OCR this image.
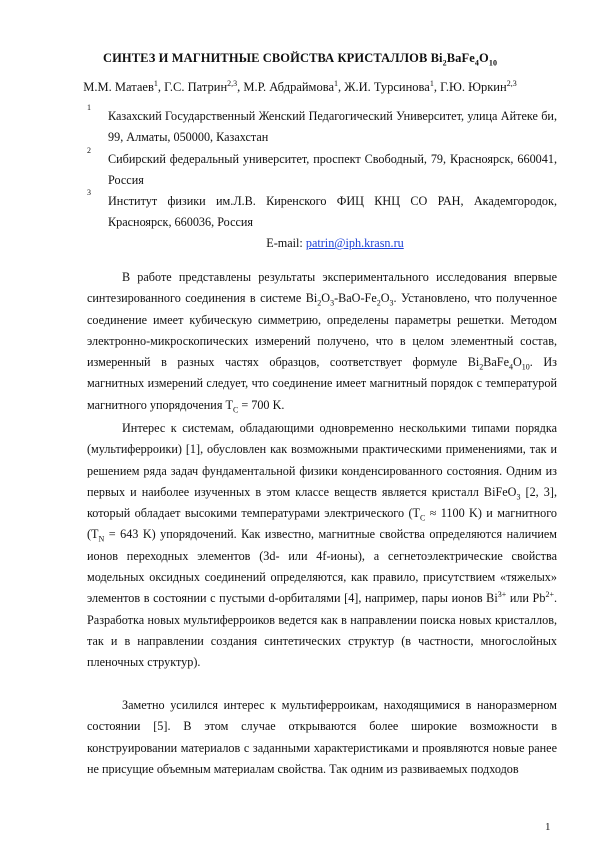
СИНТЕЗ И МАГНИТНЫЕ СВОЙСТВА КРИСТАЛЛОВ $Bi_2BaFe_4O_{10}$
М.М. Матаев$^1$, Г.С. Патрин$^{2,3}$, М.Р. Абдраймова$^1$, Ж.И. Турсинова$^1$, Г.Ю. Юркин$^{2,3}$
1
Казахский Государственный Женский Педагогический Университет, улица Айтеке би, 99, Алматы, 050000, Казахстан
2
Сибирский федеральный университет, проспект Свободный, 79, Красноярск, 660041, Россия
3
Институт физики им.Л.В. Киренского ФИЦ КНЦ СО РАН, Академгородок, Красноярск, 660036, Россия
E-mail: patrin@iph.krasn.ru

В работе представлены результаты экспериментального исследования впервые синтезированного соединения в системе $Bi_2O_3-BaO-Fe_2O_3$. Установлено, что полученное соединение имеет кубическую симметрию, определены параметры решетки. Методом электронно-микроскопических измерений получено, что в целом элементный состав, измеренный в разных частях образцов, соответствует формуле $Bi_2BaFe_4O_{10}$. Из магнитных измерений следует, что соединение имеет магнитный порядок с температурой магнитного упорядочения $T_C = 700$ K.

Интерес к системам, обладающими одновременно несколькими типами порядка (мультиферроики) [1], обусловлен как возможными практическими применениями, так и решением ряда задач фундаментальной физики конденсированного состояния. Одним из первых и наиболее изученных в этом классе веществ является кристалл BiFeO$_3$ [2, 3], который обладает высокими температурами электрического ($T_C \approx 1100$ K) и магнитного ($T_N = 643$ K) упорядочений. Как известно, магнитные свойства определяются наличием ионов переходных элементов (3d- или 4f-ионы), а сегнетоэлектрические свойства модельных оксидных соединений определяются, как правило, присутствием «тяжелых» элементов в состоянии с пустыми d-орбиталями [4], например, пары ионов $Bi^{3+}$ или $Pb^{2+}$. Разработка новых мультиферроиков ведется как в направлении поиска новых кристаллов, так и в направлении создания синтетических структур (в частности, многослойных пленочных структур).

Заметно усилился интерес к мультиферроикам, находящимися в наноразмерном состоянии [5]. В этом случае открываются более широкие возможности в конструировании материалов с заданными характеристиками и проявляются новые ранее не присущие объемным материалам свойства. Так одним из развиваемых подходов

1
